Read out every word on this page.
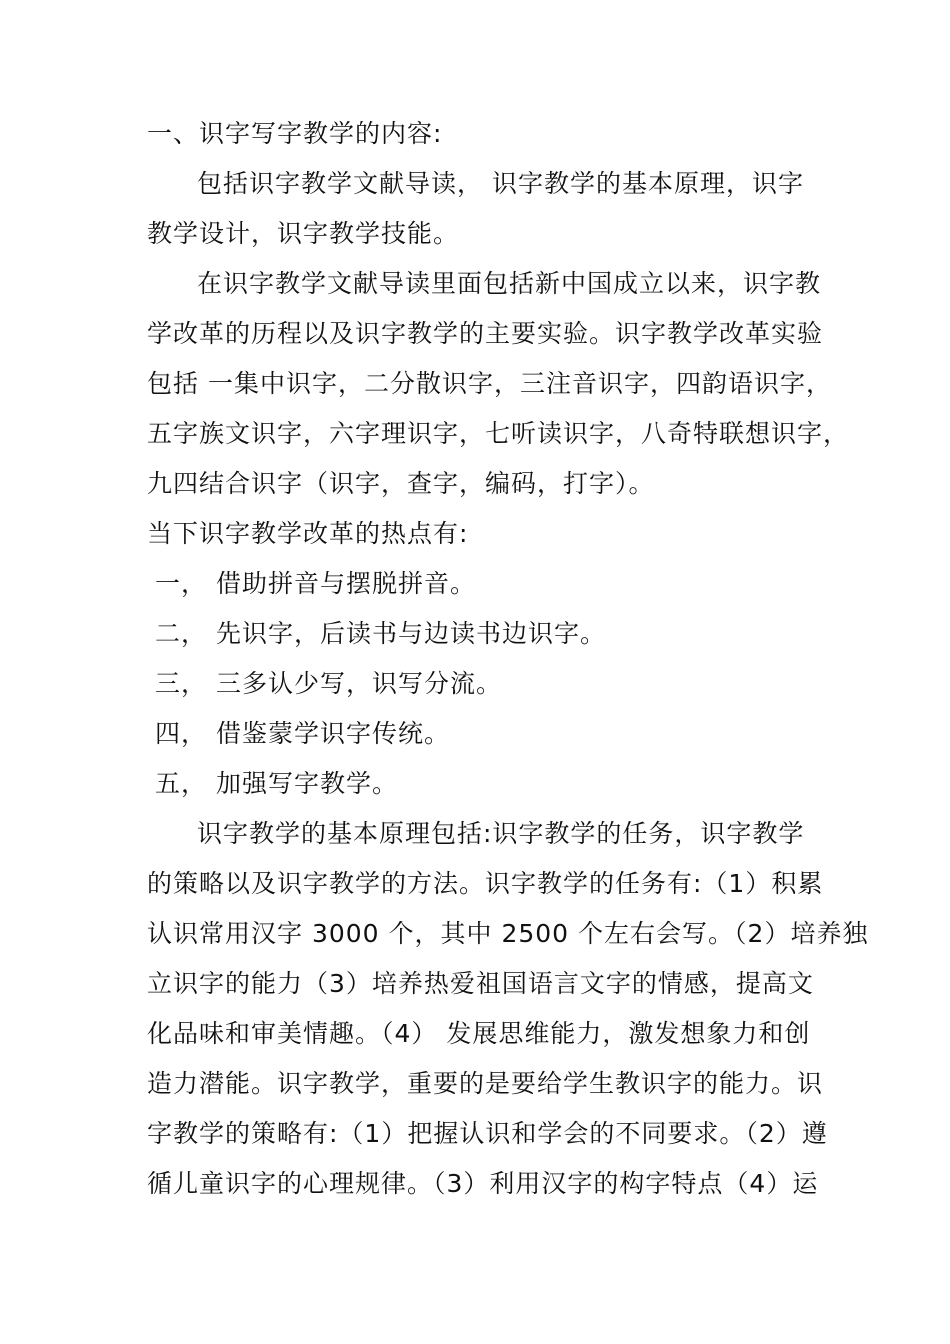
一、识字写字教学的内容:
包括识字教学文献导读， 识字教学的基本原理，识字
教学设计，识字教学技能。
在识字教学文献导读里面包括新中国成立以来，识字教
学改革的历程以及识字教学的主要实验。识字教学改革实验
包括 一集中识字，二分散识字，三注音识字，四韵语识字，
五字族文识字，六字理识字，七听读识字，八奇特联想识字，
九四结合识字（识字，查字，编码，打字）。
当下识字教学改革的热点有:
一， 借助拼音与摆脱拼音。
二， 先识字，后读书与边读书边识字。
三， 三多认少写，识写分流。
四， 借鉴蒙学识字传统。
五， 加强写字教学。
识字教学的基本原理包括:识字教学的任务，识字教学
的策略以及识字教学的方法。识字教学的任务有:（1）积累
认识常用汉字 3000 个，其中 2500 个左右会写。（2）培养独
立识字的能力（3）培养热爱祖国语言文字的情感，提高文
化品味和审美情趣。（4） 发展思维能力，激发想象力和创
造力潜能。识字教学，重要的是要给学生教识字的能力。识
字教学的策略有:（1）把握认识和学会的不同要求。（2）遵
循儿童识字的心理规律。（3）利用汉字的构字特点（4）运
